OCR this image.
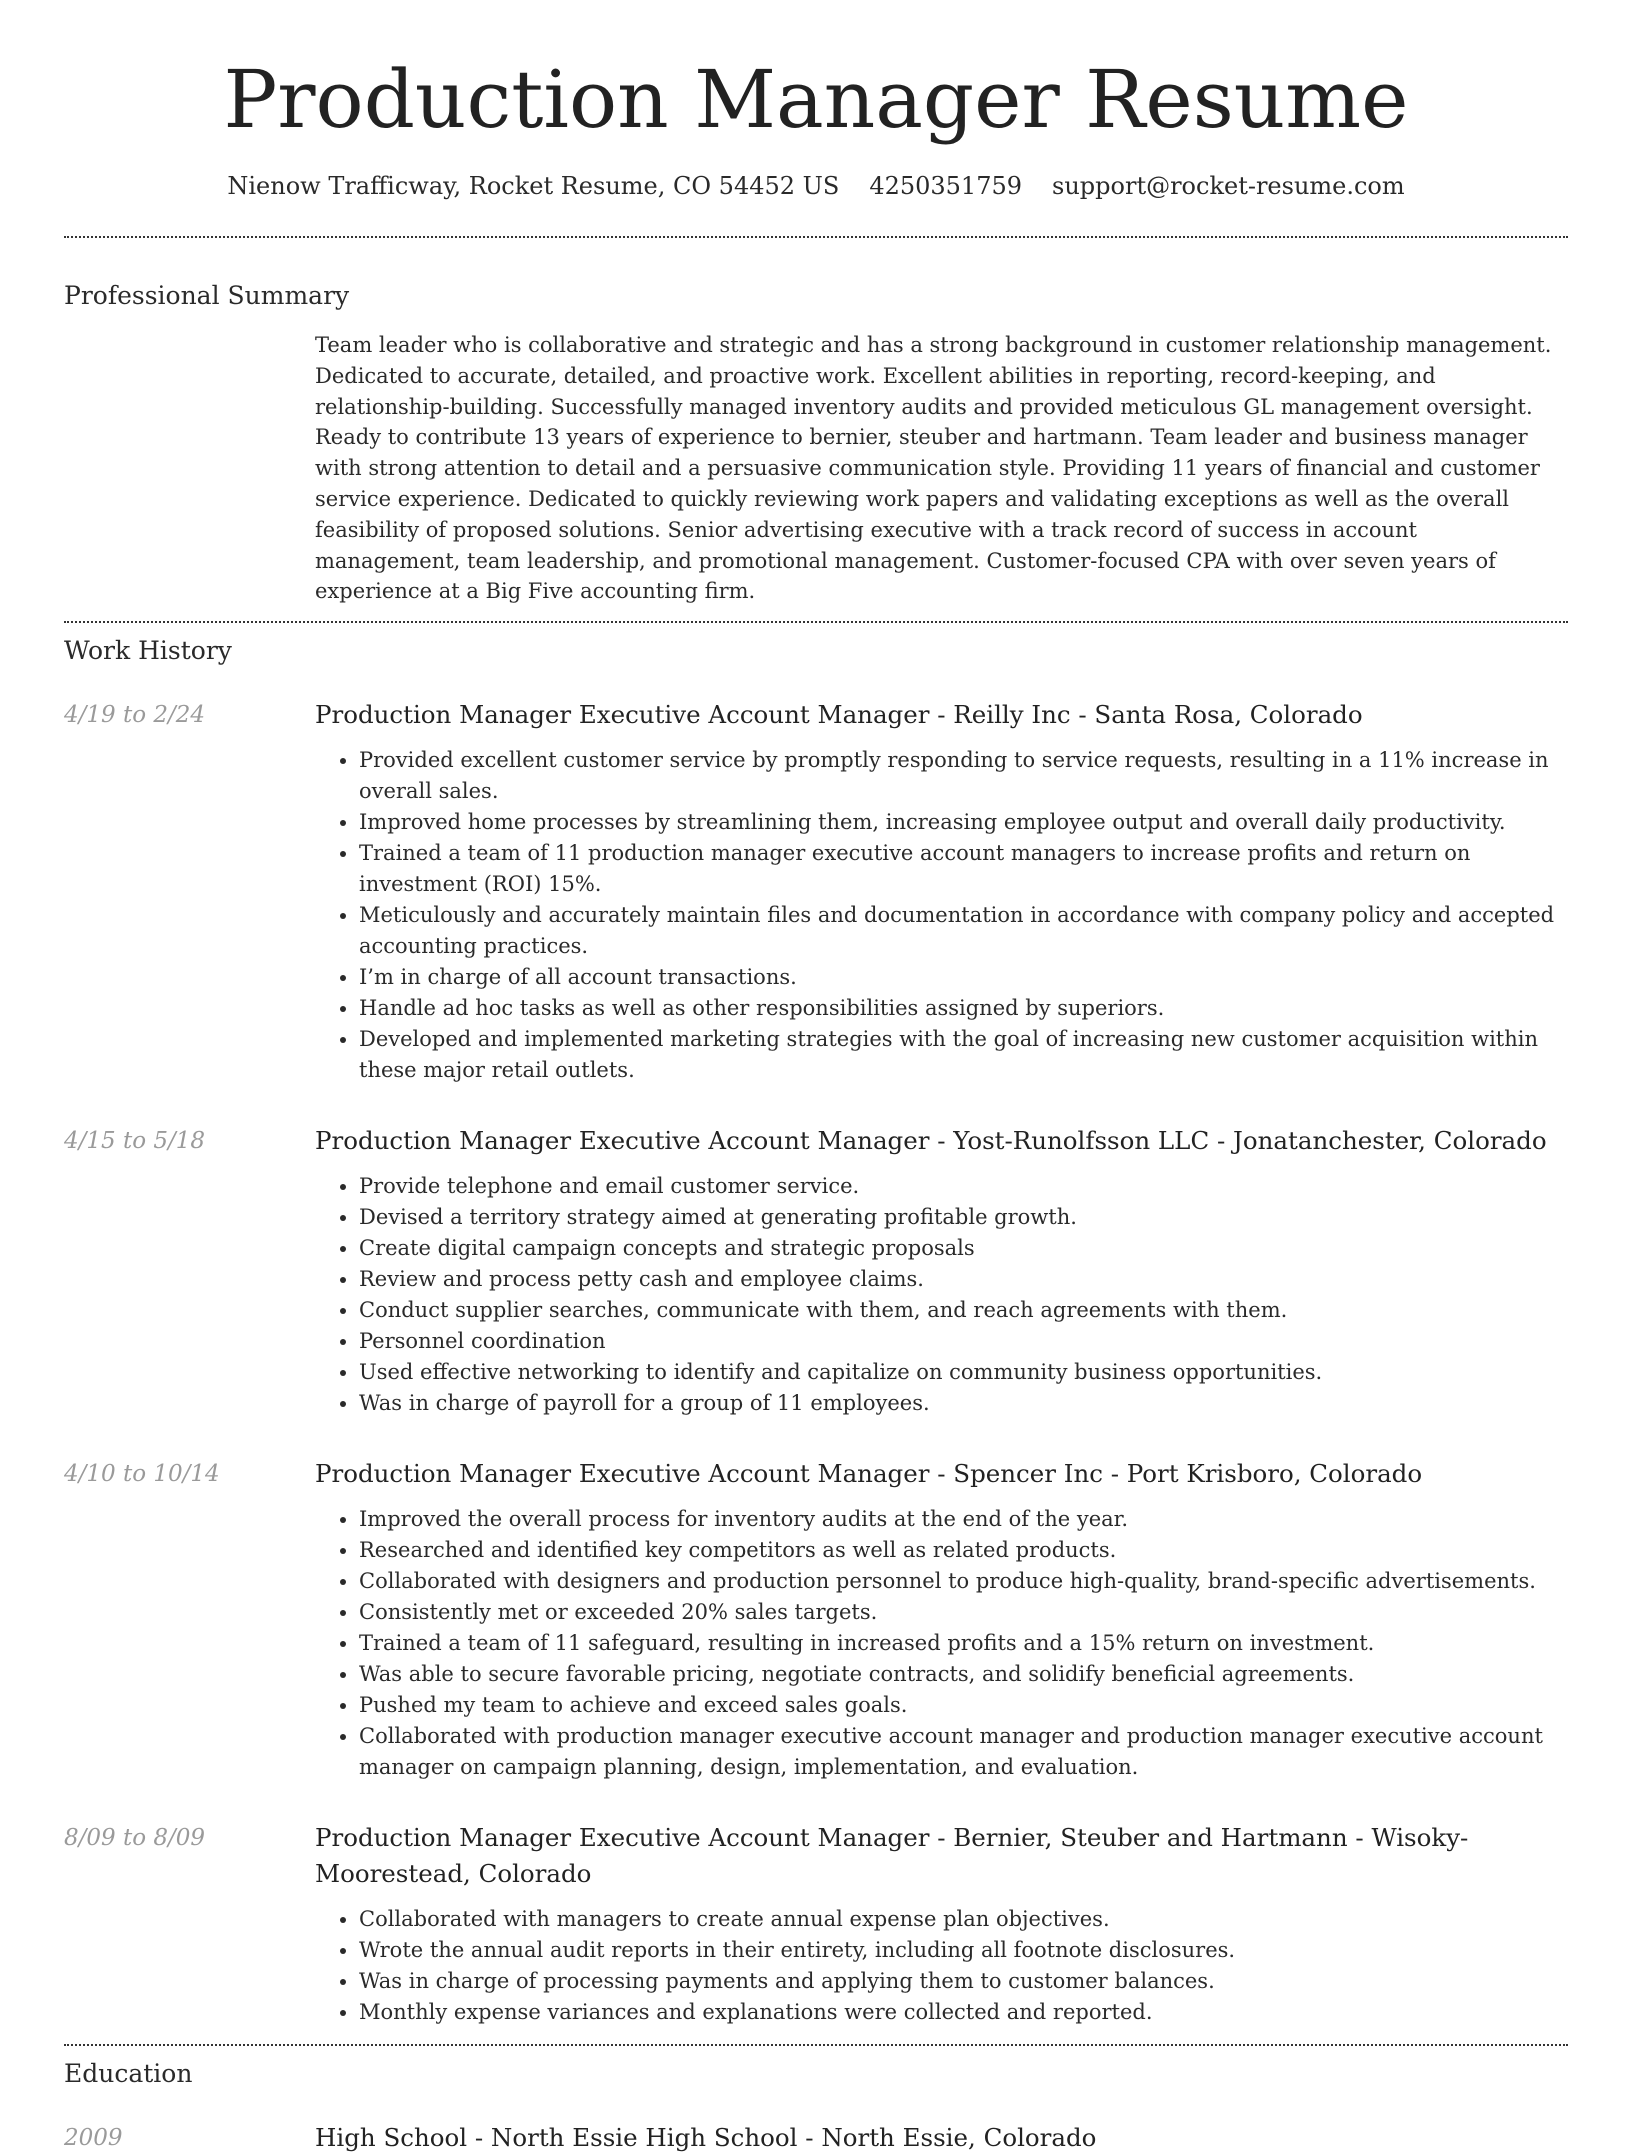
Production Manager Resume
Nienow Trafficway, Rocket Resume, CO 54452 US 4250351759 support@rocket-resume.com
Professional Summary
Team leader who is collaborative and strategic and has a strong background in customer relationship management. Dedicated to accurate, detailed, and proactive work. Excellent abilities in reporting, record-keeping, and relationship-building. Successfully managed inventory audits and provided meticulous GL management oversight. Ready to contribute 13 years of experience to bernier, steuber and hartmann. Team leader and business manager with strong attention to detail and a persuasive communication style. Providing 11 years of financial and customer service experience. Dedicated to quickly reviewing work papers and validating exceptions as well as the overall feasibility of proposed solutions. Senior advertising executive with a track record of success in account management, team leadership, and promotional management. Customer-focused CPA with over seven years of experience at a Big Five accounting firm.
Work History
4/19 to 2/24	Production Manager Executive Account Manager - Reilly Inc - Santa Rosa, Colorado
• Provided excellent customer service by promptly responding to service requests, resulting in a 11% increase in overall sales.
• Improved home processes by streamlining them, increasing employee output and overall daily productivity.
• Trained a team of 11 production manager executive account managers to increase profits and return on investment (ROI) 15%.
• Meticulously and accurately maintain files and documentation in accordance with company policy and accepted accounting practices.
• I’m in charge of all account transactions.
• Handle ad hoc tasks as well as other responsibilities assigned by superiors.
• Developed and implemented marketing strategies with the goal of increasing new customer acquisition within these major retail outlets.
4/15 to 5/18	Production Manager Executive Account Manager - Yost-Runolfsson LLC - Jonatanchester, Colorado
• Provide telephone and email customer service.
• Devised a territory strategy aimed at generating profitable growth.
• Create digital campaign concepts and strategic proposals
• Review and process petty cash and employee claims.
• Conduct supplier searches, communicate with them, and reach agreements with them.
• Personnel coordination
• Used effective networking to identify and capitalize on community business opportunities.
• Was in charge of payroll for a group of 11 employees.
4/10 to 10/14	Production Manager Executive Account Manager - Spencer Inc - Port Krisboro, Colorado
• Improved the overall process for inventory audits at the end of the year.
• Researched and identified key competitors as well as related products.
• Collaborated with designers and production personnel to produce high-quality, brand-specific advertisements.
• Consistently met or exceeded 20% sales targets.
• Trained a team of 11 safeguard, resulting in increased profits and a 15% return on investment.
• Was able to secure favorable pricing, negotiate contracts, and solidify beneficial agreements.
• Pushed my team to achieve and exceed sales goals.
• Collaborated with production manager executive account manager and production manager executive account manager on campaign planning, design, implementation, and evaluation.
8/09 to 8/09	Production Manager Executive Account Manager - Bernier, Steuber and Hartmann - Wisoky-Moorestead, Colorado
• Collaborated with managers to create annual expense plan objectives.
• Wrote the annual audit reports in their entirety, including all footnote disclosures.
• Was in charge of processing payments and applying them to customer balances.
• Monthly expense variances and explanations were collected and reported.
Education
2009	High School - North Essie High School - North Essie, Colorado
